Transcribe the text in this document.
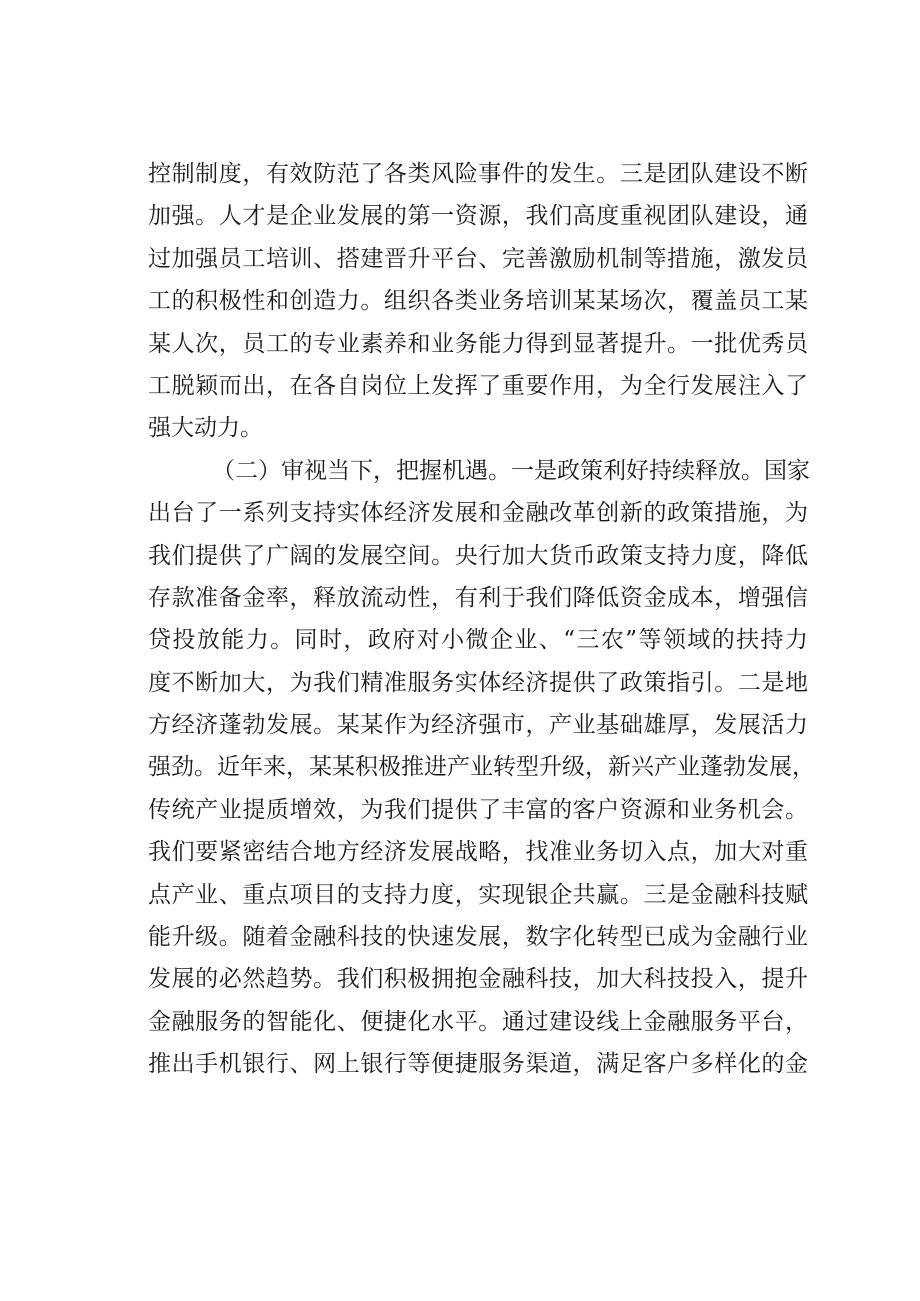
控制制度，有效防范了各类风险事件的发生。三是团队建设不断
加强。人才是企业发展的第一资源，我们高度重视团队建设，通
过加强员工培训、搭建晋升平台、完善激励机制等措施，激发员
工的积极性和创造力。组织各类业务培训某某场次，覆盖员工某
某人次，员工的专业素养和业务能力得到显著提升。一批优秀员
工脱颖而出，在各自岗位上发挥了重要作用，为全行发展注入了
强大动力。
（二）审视当下，把握机遇。一是政策利好持续释放。国家
出台了一系列支持实体经济发展和金融改革创新的政策措施，为
我们提供了广阔的发展空间。央行加大货币政策支持力度，降低
存款准备金率，释放流动性，有利于我们降低资金成本，增强信
贷投放能力。同时，政府对小微企业、“三农”等领域的扶持力
度不断加大，为我们精准服务实体经济提供了政策指引。二是地
方经济蓬勃发展。某某作为经济强市，产业基础雄厚，发展活力
强劲。近年来，某某积极推进产业转型升级，新兴产业蓬勃发展，
传统产业提质增效，为我们提供了丰富的客户资源和业务机会。
我们要紧密结合地方经济发展战略，找准业务切入点，加大对重
点产业、重点项目的支持力度，实现银企共赢。三是金融科技赋
能升级。随着金融科技的快速发展，数字化转型已成为金融行业
发展的必然趋势。我们积极拥抱金融科技，加大科技投入，提升
金融服务的智能化、便捷化水平。通过建设线上金融服务平台，
推出手机银行、网上银行等便捷服务渠道，满足客户多样化的金
